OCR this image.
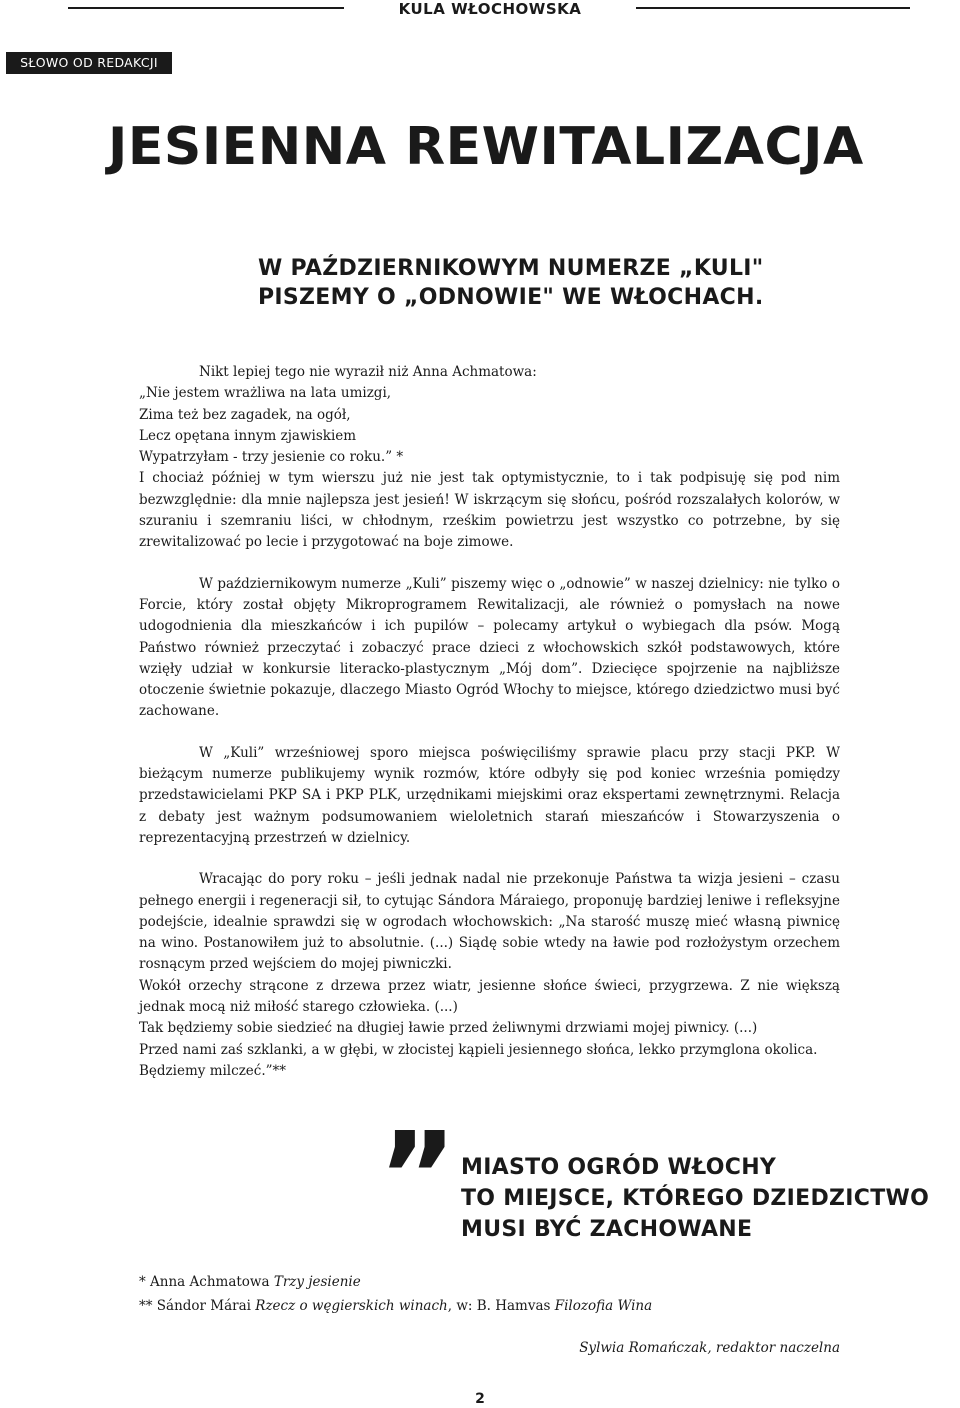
KULA WŁOCHOWSKA
SŁOWO OD REDAKCJI
JESIENNA REWITALIZACJA
W PAŹDZIERNIKOWYM NUMERZE „KULI"
PISZEMY O „ODNOWIE" WE WŁOCHACH.

Nikt lepiej tego nie wyraził niż Anna Achmatowa:

„Nie jestem wrażliwa na lata umizgi,
Zima też bez zagadek, na ogół,
Lecz opętana innym zjawiskiem
Wypatrzyłam - trzy jesienie co roku.” *

I chociaż później w tym wierszu już nie jest tak optymistycznie, to i tak podpisuję się pod nim bezwzględnie: dla mnie najlepsza jest jesień! W iskrzącym się słońcu, pośród rozszalałych kolorów, w szuraniu i szemraniu liści, w chłodnym, rześkim powietrzu jest wszystko co potrzebne, by się zrewitalizować po lecie i przygotować na boje zimowe.

W październikowym numerze „Kuli” piszemy więc o „odnowie” w naszej dzielnicy: nie tylko o Forcie, który został objęty Mikroprogramem Rewitalizacji, ale również o pomysłach na nowe udogodnienia dla mieszkańców i ich pupilów – polecamy artykuł o wybiegach dla psów. Mogą Państwo również przeczytać i zobaczyć prace dzieci z włochowskich szkół podstawowych, które wzięły udział w konkursie literacko-plastycznym „Mój dom”. Dziecięce spojrzenie na najbliższe otoczenie świetnie pokazuje, dlaczego Miasto Ogród Włochy to miejsce, którego dziedzictwo musi być zachowane.

W „Kuli” wrześniowej sporo miejsca poświęciliśmy sprawie placu przy stacji PKP. W bieżącym numerze publikujemy wynik rozmów, które odbyły się pod koniec września pomiędzy przedstawicielami PKP SA i PKP PLK, urzędnikami miejskimi oraz ekspertami zewnętrznymi. Relacja z debaty jest ważnym podsumowaniem wieloletnich starań mieszańców i Stowarzyszenia o reprezentacyjną przestrzeń w dzielnicy.

Wracając do pory roku – jeśli jednak nadal nie przekonuje Państwa ta wizja jesieni – czasu pełnego energii i regeneracji sił, to cytując Sándora Máraiego, proponuję bardziej leniwe i refleksyjne podejście, idealnie sprawdzi się w ogrodach włochowskich: „Na starość muszę mieć własną piwnicę na wino. Postanowiłem już to absolutnie. (...) Siądę sobie wtedy na ławie pod rozłożystym orzechem rosnącym przed wejściem do mojej piwniczki.

Wokół orzechy strącone z drzewa przez wiatr, jesienne słońce świeci, przygrzewa. Z nie większą jednak mocą niż miłość starego człowieka. (...)

Tak będziemy sobie siedzieć na długiej ławie przed żeliwnymi drzwiami mojej piwnicy. (...)

Przed nami zaś szklanki, a w głębi, w złocistej kąpieli jesiennego słońca, lekko przymglona okolica.

Będziemy milczeć.”**

” MIASTO OGRÓD WŁOCHY
TO MIEJSCE, KTÓREGO DZIEDZICTWO
MUSI BYĆ ZACHOWANE
* Anna Achmatowa Trzy jesienie
** Sándor Márai Rzecz o węgierskich winach, w: B. Hamvas Filozofia Wina
Sylwia Romańczak, redaktor naczelna
2
